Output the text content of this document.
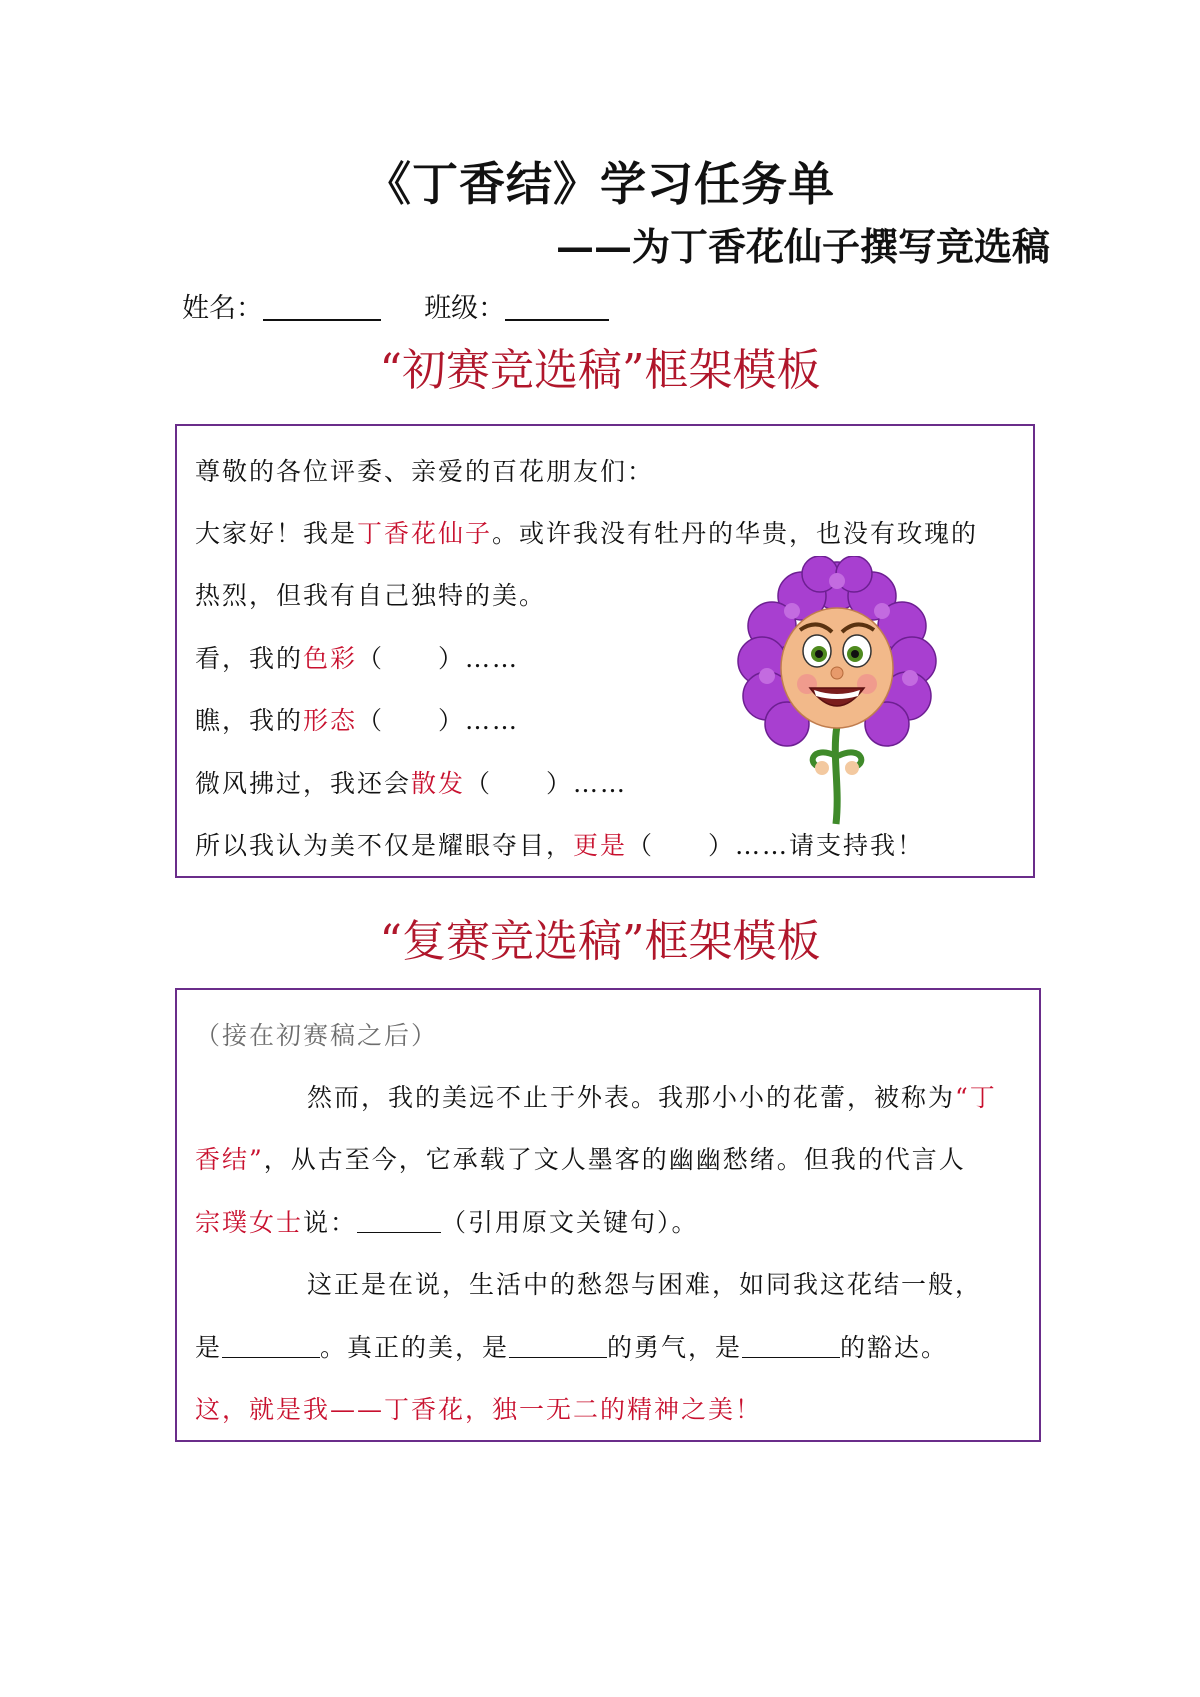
《丁香结》学习任务单
——为丁香花仙子撰写竞选稿
姓名：	班级：
“初赛竞选稿”框架模板
尊敬的各位评委、亲爱的百花朋友们：
大家好！我是丁香花仙子。或许我没有牡丹的华贵，也没有玫瑰的
热烈，但我有自己独特的美。
看，我的色彩（　　）……
瞧，我的形态（　　）……
微风拂过，我还会散发（　　）……
所以我认为美不仅是耀眼夺目，更是（　　）……请支持我！
“复赛竞选稿”框架模板
（接在初赛稿之后）
然而，我的美远不止于外表。我那小小的花蕾，被称为“丁
香结”，从古至今，它承载了文人墨客的幽幽愁绪。但我的代言人
宗璞女士说：	（引用原文关键句）。
这正是在说，生活中的愁怨与困难，如同我这花结一般，
是	。真正的美，是	的勇气，是	的豁达。
这，就是我——丁香花，独一无二的精神之美！
